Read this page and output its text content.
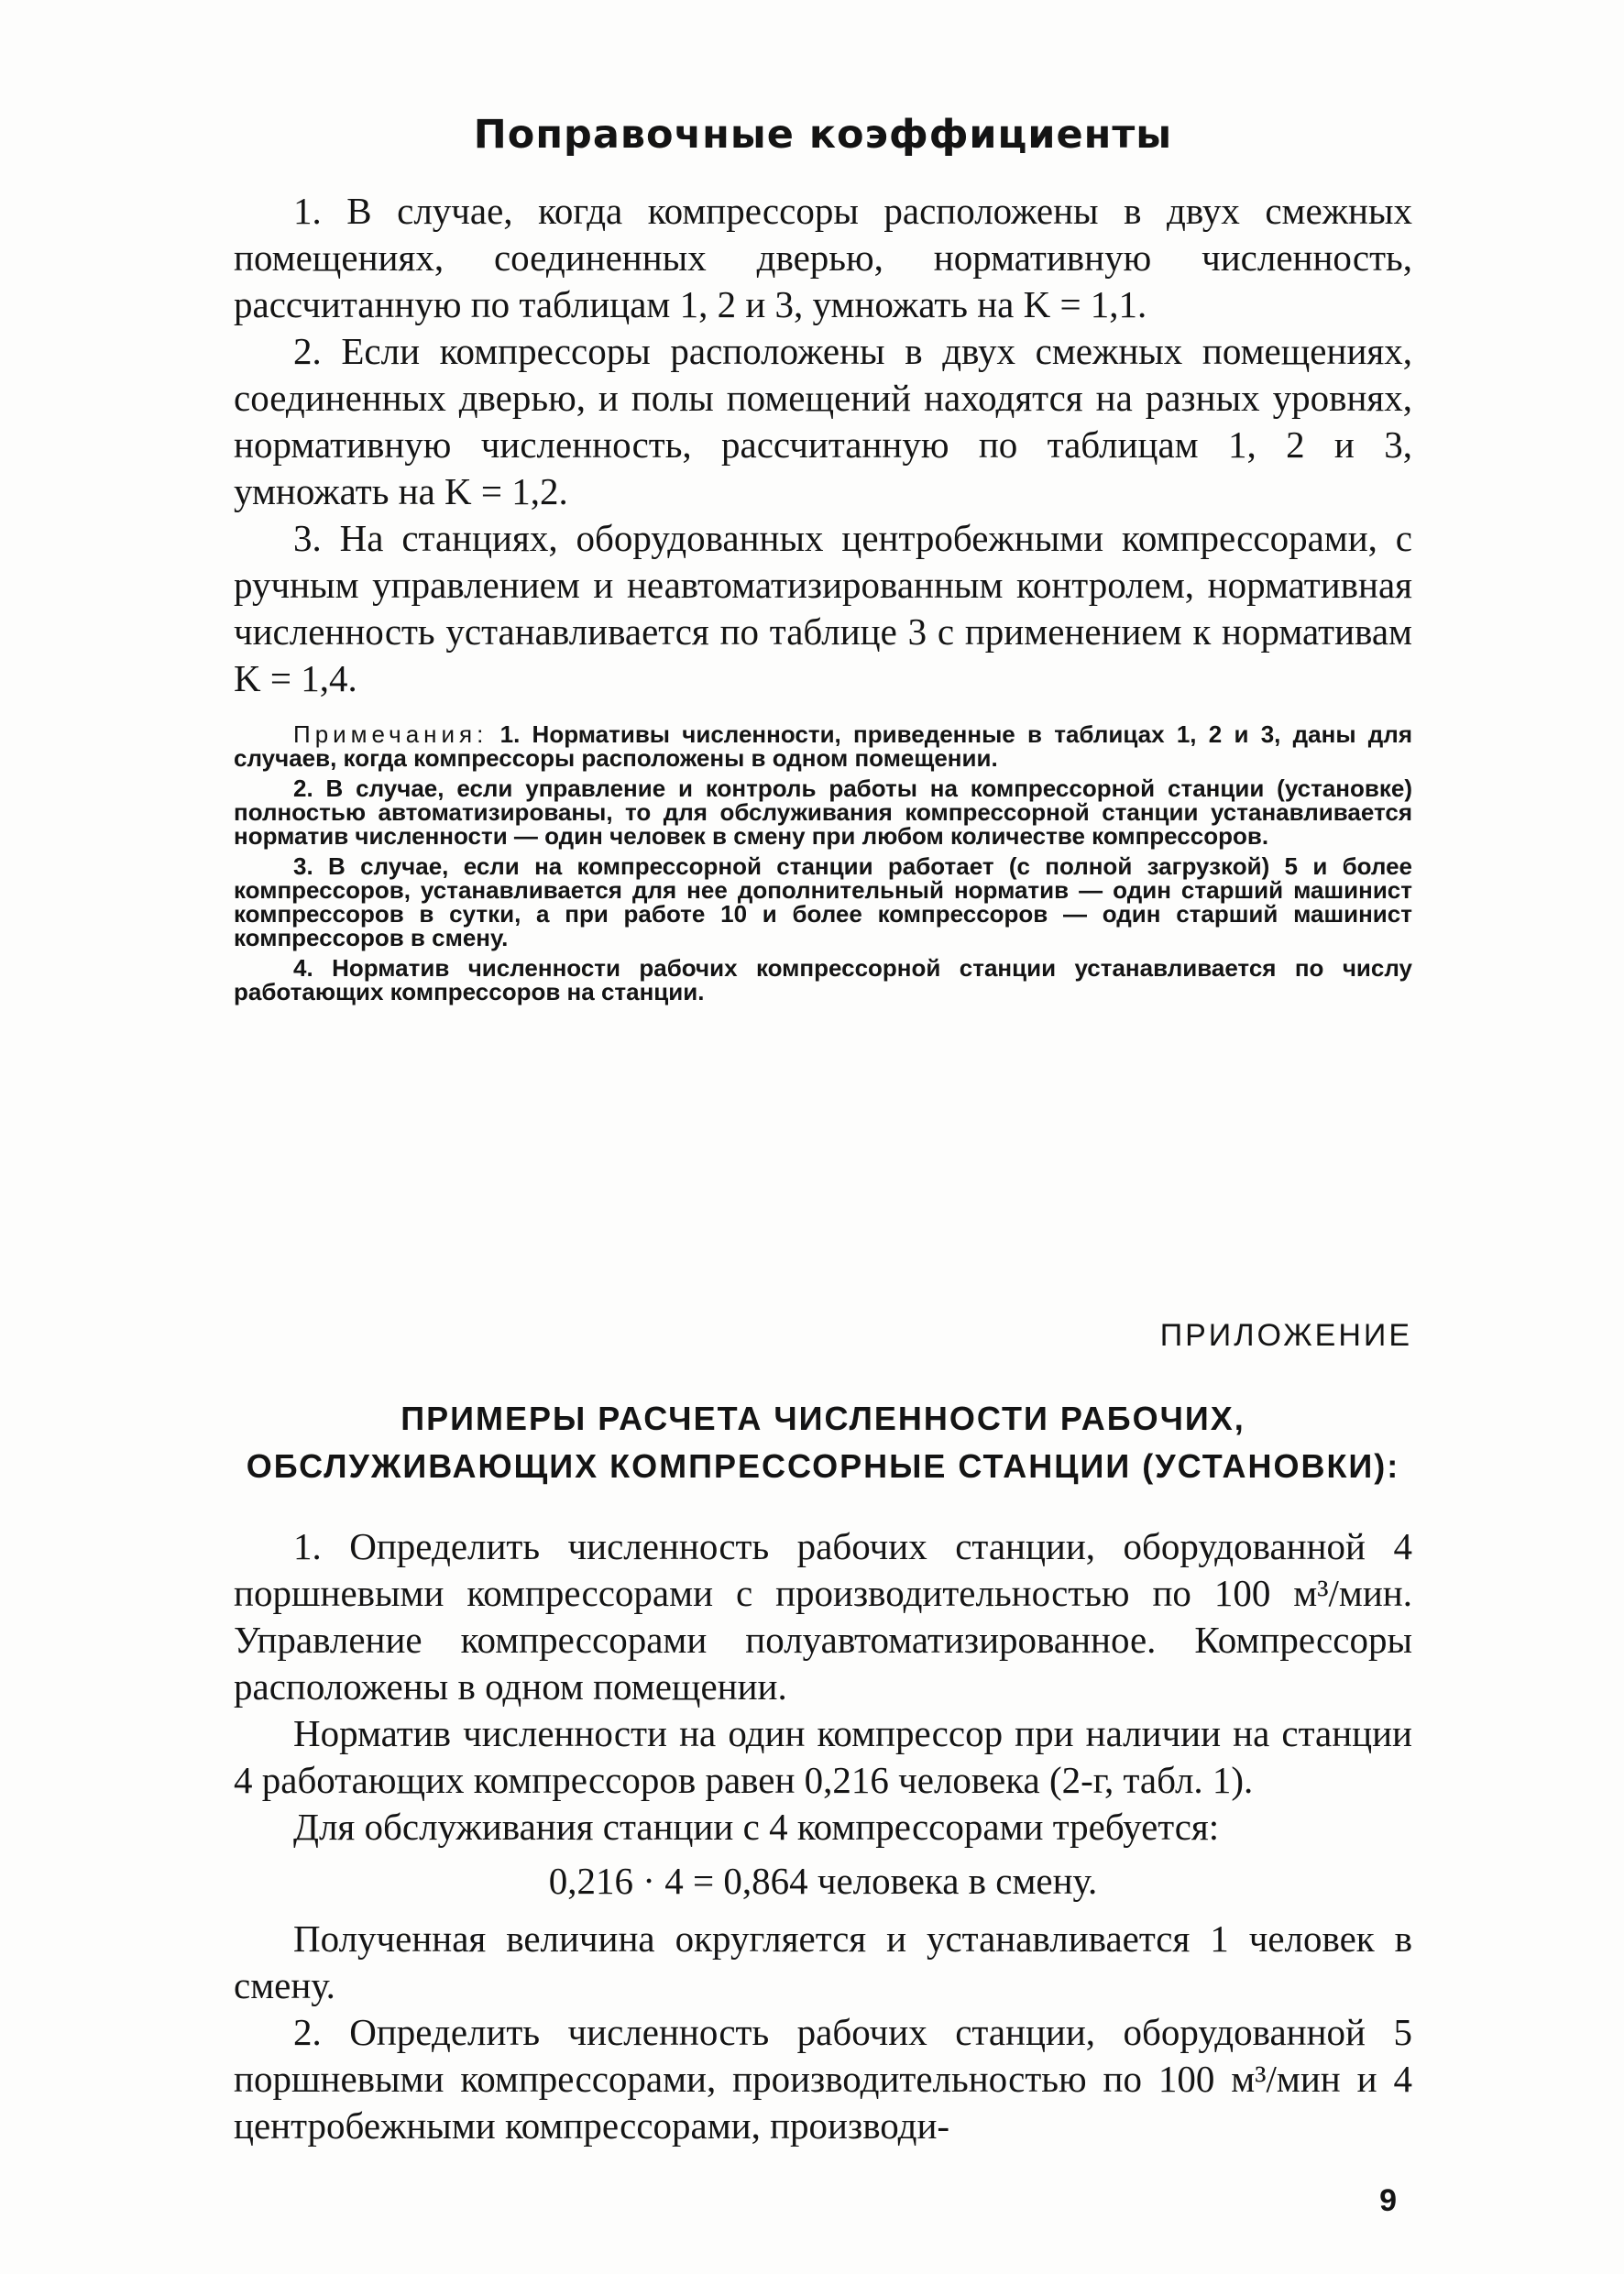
Поправочные коэффициенты

1. В случае, когда компрессоры расположены в двух смежных помещениях, соединенных дверью, нормативную численность, рассчитанную по таблицам 1, 2 и 3, умножать на K = 1,1.

2. Если компрессоры расположены в двух смежных помещениях, соединенных дверью, и полы помещений находятся на разных уровнях, нормативную численность, рассчитанную по таблицам 1, 2 и 3, умножать на K = 1,2.

3. На станциях, оборудованных центробежными компрессорами, с ручным управлением и неавтоматизированным контролем, нормативная численность устанавливается по таблице 3 с применением к нормативам K = 1,4.

Примечания: 1. Нормативы численности, приведенные в таблицах 1, 2 и 3, даны для случаев, когда компрессоры расположены в одном помещении.

2. В случае, если управление и контроль работы на компрессорной станции (установке) полностью автоматизированы, то для обслуживания компрессорной станции устанавливается норматив численности — один человек в смену при любом количестве компрессоров.

3. В случае, если на компрессорной станции работает (с полной загрузкой) 5 и более компрессоров, устанавливается для нее дополнительный норматив — один старший машинист компрессоров в сутки, а при работе 10 и более компрессоров — один старший машинист компрессоров в смену.

4. Норматив численности рабочих компрессорной станции устанавливается по числу работающих компрессоров на станции.

ПРИЛОЖЕНИЕ
ПРИМЕРЫ РАСЧЕТА ЧИСЛЕННОСТИ РАБОЧИХ,
ОБСЛУЖИВАЮЩИХ КОМПРЕССОРНЫЕ СТАНЦИИ (УСТАНОВКИ):

1. Определить численность рабочих станции, оборудованной 4 поршневыми компрессорами с производительностью по 100 м³/мин. Управление компрессорами полуавтоматизированное. Компрессоры расположены в одном помещении.

Норматив численности на один компрессор при наличии на станции 4 работающих компрессоров равен 0,216 человека (2-г, табл. 1).

Для обслуживания станции с 4 компрессорами требуется:

0,216 · 4 = 0,864 человека в смену.

Полученная величина округляется и устанавливается 1 человек в смену.

2. Определить численность рабочих станции, оборудованной 5 поршневыми компрессорами, производительностью по 100 м³/мин и 4 центробежными компрессорами, производи-

9
